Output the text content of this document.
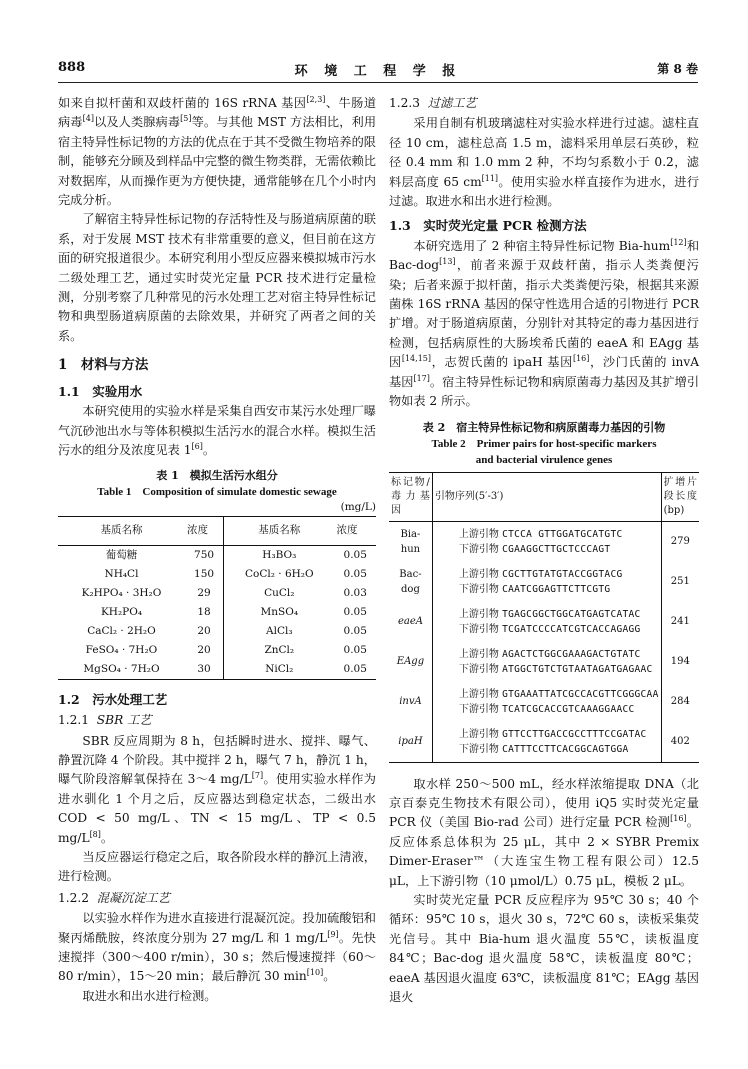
888	环 境 工 程 学 报	第 8 卷

如来自拟杆菌和双歧杆菌的 16S rRNA 基因[2,3]、牛肠道病毒[4]以及人类腺病毒[5]等。与其他 MST 方法相比，利用宿主特异性标记物的方法的优点在于其不受微生物培养的限制，能够充分顾及到样品中完整的微生物类群，无需依赖比对数据库，从而操作更为方便快捷，通常能够在几个小时内完成分析。

了解宿主特异性标记物的存活特性及与肠道病原菌的联系，对于发展 MST 技术有非常重要的意义，但目前在这方面的研究报道很少。本研究利用小型反应器来模拟城市污水二级处理工艺，通过实时荧光定量 PCR 技术进行定量检测，分别考察了几种常见的污水处理工艺对宿主特异性标记物和典型肠道病原菌的去除效果，并研究了两者之间的关系。

1　材料与方法
1.1　实验用水

本研究使用的实验水样是采集自西安市某污水处理厂曝气沉砂池出水与等体积模拟生活污水的混合水样。模拟生活污水的组分及浓度见表 1[6]。

表 1　模拟生活污水组分
Table 1　Composition of simulate domestic sewage
(mg/L)
基质名称	浓度	基质名称	浓度
葡萄糖	750	H₃BO₃	0.05
NH₄Cl	150	CoCl₂ · 6H₂O	0.05
K₂HPO₄ · 3H₂O	29	CuCl₂	0.03
KH₂PO₄	18	MnSO₄	0.05
CaCl₂ · 2H₂O	20	AlCl₃	0.05
FeSO₄ · 7H₂O	20	ZnCl₂	0.05
MgSO₄ · 7H₂O	30	NiCl₂	0.05
1.2　污水处理工艺
1.2.1 SBR 工艺

SBR 反应周期为 8 h，包括瞬时进水、搅拌、曝气、静置沉降 4 个阶段。其中搅拌 2 h，曝气 7 h，静沉 1 h，曝气阶段溶解氧保持在 3～4 mg/L[7]。使用实验水样作为进水驯化 1 个月之后，反应器达到稳定状态，二级出水 COD < 50 mg/L、TN < 15 mg/L、TP < 0.5 mg/L[8]。

当反应器运行稳定之后，取各阶段水样的静沉上清液，进行检测。

1.2.2 混凝沉淀工艺

以实验水样作为进水直接进行混凝沉淀。投加硫酸铝和聚丙烯酰胺，终浓度分别为 27 mg/L 和 1 mg/L[9]。先快速搅拌（300～400 r/min），30 s；然后慢速搅拌（60～80 r/min），15～20 min；最后静沉 30 min[10]。

取进水和出水进行检测。

1.2.3 过滤工艺

采用自制有机玻璃滤柱对实验水样进行过滤。滤柱直径 10 cm，滤柱总高 1.5 m，滤料采用单层石英砂，粒径 0.4 mm 和 1.0 mm 2 种，不均匀系数小于 0.2，滤料层高度 65 cm[11]。使用实验水样直接作为进水，进行过滤。取进水和出水进行检测。

1.3　实时荧光定量 PCR 检测方法

本研究选用了 2 种宿主特异性标记物 Bia-hum[12]和 Bac-dog[13]，前者来源于双歧杆菌，指示人类粪便污染；后者来源于拟杆菌，指示犬类粪便污染，根据其来源菌株 16S rRNA 基因的保守性选用合适的引物进行 PCR 扩增。对于肠道病原菌，分别针对其特定的毒力基因进行检测，包括病原性的大肠埃希氏菌的 eaeA 和 EAgg 基因[14,15]，志贺氏菌的 ipaH 基因[16]，沙门氏菌的 invA 基因[17]。宿主特异性标记物和病原菌毒力基因及其扩增引物如表 2 所示。

表 2　宿主特异性标记物和病原菌毒力基因的引物
Table 2　Primer pairs for host-specific markers
and bacterial virulence genes
标记物/毒力基因	引物序列(5′-3′)	扩增片段长度(bp)
Bia-hun	上游引物 CTCCA GTTGGATGCATGTC
下游引物 CGAAGGCTTGCTCCCAGT	279
Bac-dog	上游引物 CGCTTGTATGTACCGGTACG
下游引物 CAATCGGAGTTCTTCGTG	251
eaeA	上游引物 TGAGCGGCTGGCATGAGTCATAC
下游引物 TCGATCCCCATCGTCACCAGAGG	241
EAgg	上游引物 AGACTCTGGCGAAAGACTGTATC
下游引物 ATGGCTGTCTGTAATAGATGAGAAC	194
invA	上游引物 GTGAAATTATCGCCACGTTCGGGCAA
下游引物 TCATCGCACCGTCAAAGGAACC	284
ipaH	上游引物 GTTCCTTGACCGCCTTTCCGATAC
下游引物 CATTTCCTTCACGGCAGTGGA	402

取水样 250～500 mL，经水样浓缩提取 DNA（北京百泰克生物技术有限公司），使用 iQ5 实时荧光定量 PCR 仪（美国 Bio-rad 公司）进行定量 PCR 检测[16]。反应体系总体积为 25 μL，其中 2 × SYBR Premix Dimer-Eraser™（大连宝生物工程有限公司）12.5 μL，上下游引物（10 μmol/L）0.75 μL，模板 2 μL。

实时荧光定量 PCR 反应程序为 95℃ 30 s；40 个循环：95℃ 10 s，退火 30 s，72℃ 60 s，读板采集荧光信号。其中 Bia-hum 退火温度 55℃，读板温度 84℃；Bac-dog 退火温度 58℃，读板温度 80℃；eaeA 基因退火温度 63℃，读板温度 81℃；EAgg 基因退火
